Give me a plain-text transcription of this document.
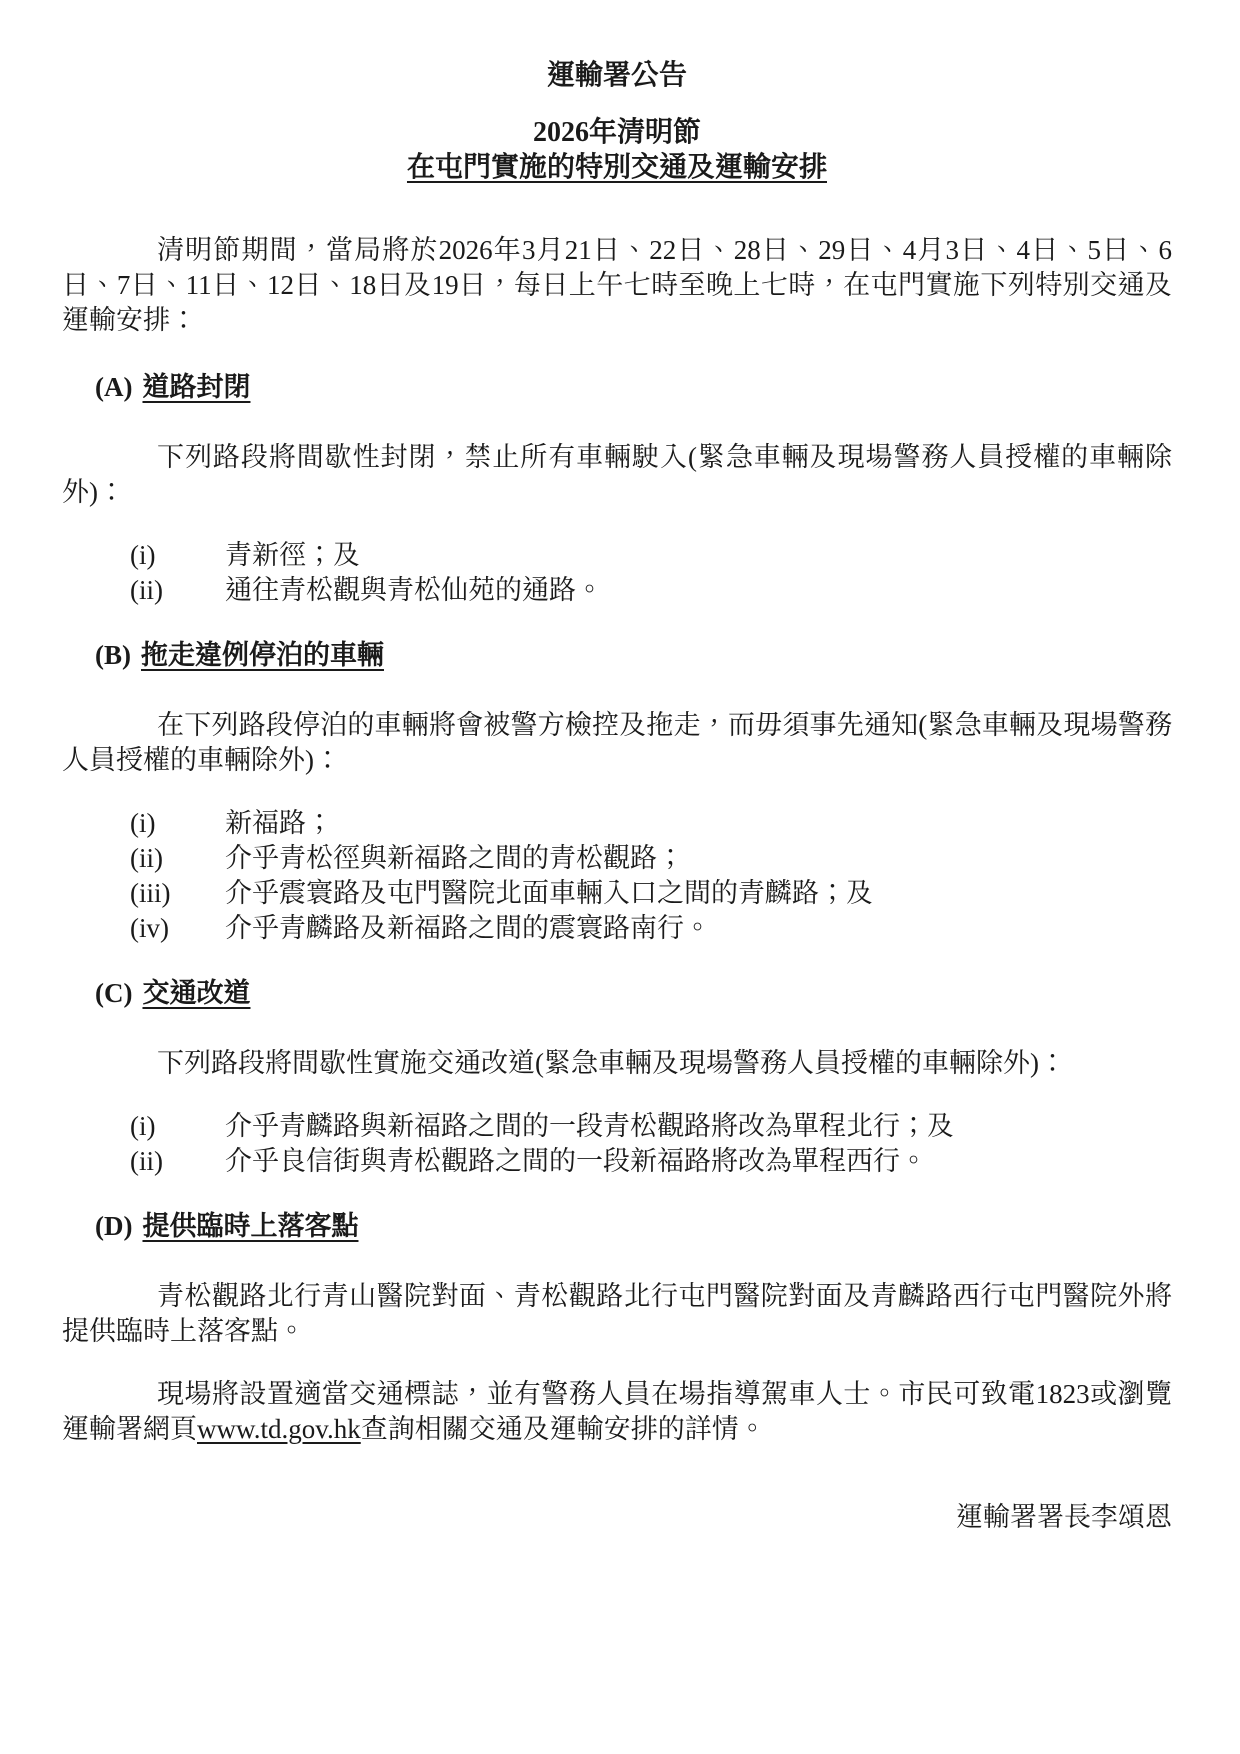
運輸署公告
2026年清明節
在屯門實施的特別交通及運輸安排

清明節期間，當局將於2026年3月21日、22日、28日、29日、4月3日、4日、5日、6日、7日、11日、12日、18日及19日，每日上午七時至晚上七時，在屯門實施下列特別交通及運輸安排：

(A) 道路封閉

下列路段將間歇性封閉，禁止所有車輛駛入(緊急車輛及現場警務人員授權的車輛除外)：

(i)	青新徑；及
(ii)	通往青松觀與青松仙苑的通路。
(B) 拖走違例停泊的車輛

在下列路段停泊的車輛將會被警方檢控及拖走，而毋須事先通知(緊急車輛及現場警務人員授權的車輛除外)：

(i)	新福路；
(ii)	介乎青松徑與新福路之間的青松觀路；
(iii)	介乎震寰路及屯門醫院北面車輛入口之間的青麟路；及
(iv)	介乎青麟路及新福路之間的震寰路南行。
(C) 交通改道

下列路段將間歇性實施交通改道(緊急車輛及現場警務人員授權的車輛除外)：

(i)	介乎青麟路與新福路之間的一段青松觀路將改為單程北行；及
(ii)	介乎良信街與青松觀路之間的一段新福路將改為單程西行。
(D) 提供臨時上落客點

青松觀路北行青山醫院對面、青松觀路北行屯門醫院對面及青麟路西行屯門醫院外將提供臨時上落客點。

現場將設置適當交通標誌，並有警務人員在場指導駕車人士。市民可致電1823或瀏覽運輸署網頁www.td.gov.hk查詢相關交通及運輸安排的詳情。

運輸署署長李頌恩
